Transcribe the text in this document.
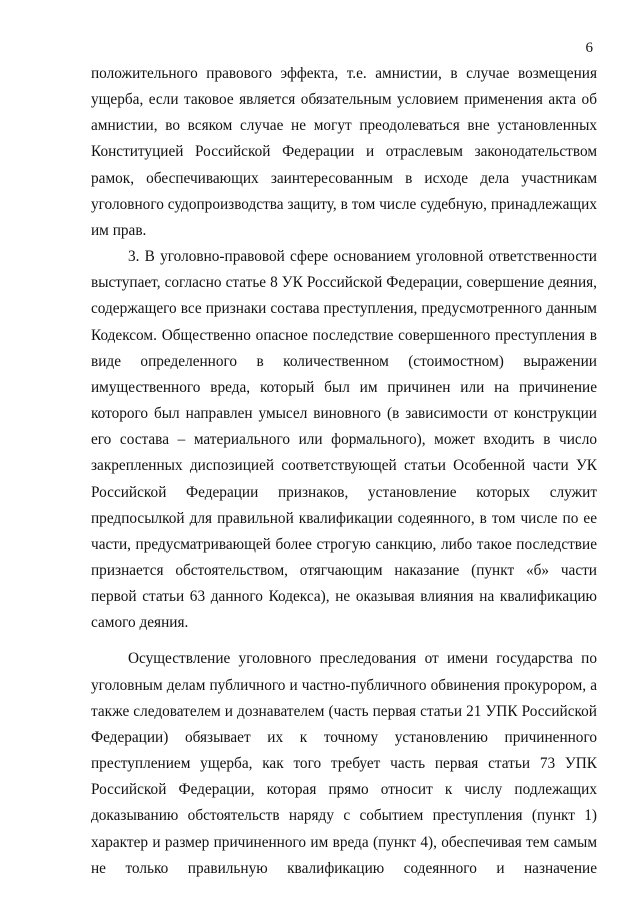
6

положительного правового эффекта, т.е. амнистии, в случае возмещения ущерба, если таковое является обязательным условием применения акта об амнистии, во всяком случае не могут преодолеваться вне установленных Конституцией Российской Федерации и отраслевым законодательством рамок, обеспечивающих заинтересованным в исходе дела участникам уголовного судопроизводства защиту, в том числе судебную, принадлежащих им прав.

3. В уголовно-правовой сфере основанием уголовной ответственности выступает, согласно статье 8 УК Российской Федерации, совершение деяния, содержащего все признаки состава преступления, предусмотренного данным Кодексом. Общественно опасное последствие совершенного преступления в виде определенного в количественном (стоимостном) выражении имущественного вреда, который был им причинен или на причинение которого был направлен умысел виновного (в зависимости от конструкции его состава – материального или формального), может входить в число закрепленных диспозицией соответствующей статьи Особенной части УК Российской Федерации признаков, установление которых служит предпосылкой для правильной квалификации содеянного, в том числе по ее части, предусматривающей более строгую санкцию, либо такое последствие признается обстоятельством, отягчающим наказание (пункт «б» части первой статьи 63 данного Кодекса), не оказывая влияния на квалификацию самого деяния.

Осуществление уголовного преследования от имени государства по уголовным делам публичного и частно-публичного обвинения прокурором, а также следователем и дознавателем (часть первая статьи 21 УПК Российской Федерации) обязывает их к точному установлению причиненного преступлением ущерба, как того требует часть первая статьи 73 УПК Российской Федерации, которая прямо относит к числу подлежащих доказыванию обстоятельств наряду с событием преступления (пункт 1) характер и размер причиненного им вреда (пункт 4), обеспечивая тем самым не только правильную квалификацию содеянного и назначение
